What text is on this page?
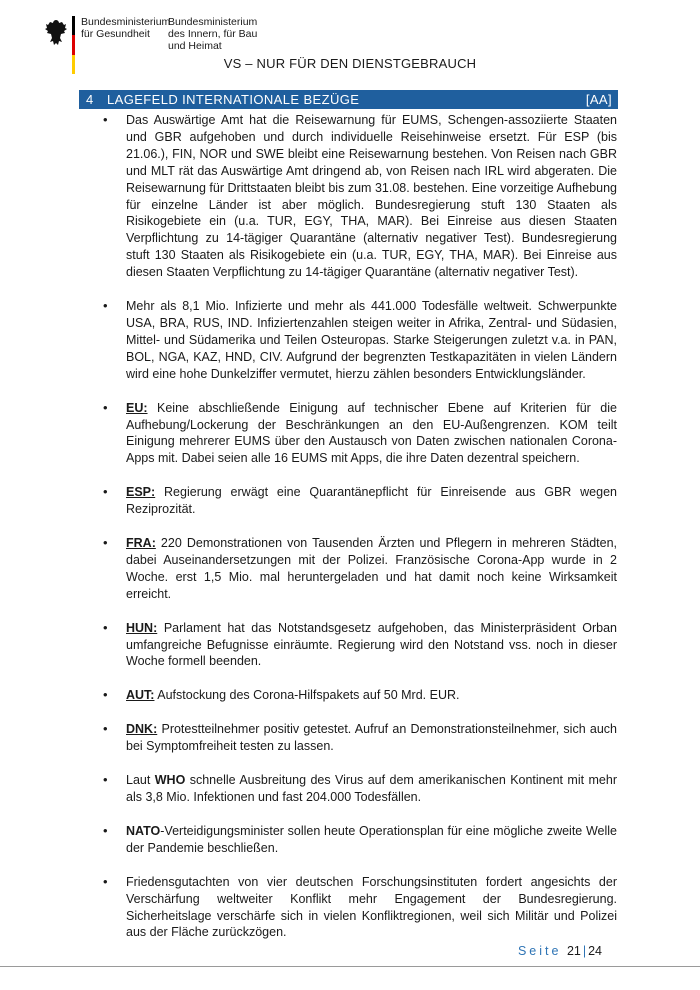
Bundesministerium
für Gesundheit
Bundesministerium
des Innern, für Bau
und Heimat
VS – NUR FÜR DEN DIENSTGEBRAUCH
4 LAGEFELD INTERNATIONALE BEZÜGE	[AA]
• Das Auswärtige Amt hat die Reisewarnung für EUMS, Schengen-assoziierte Staaten und GBR aufgehoben und durch individuelle Reisehinweise ersetzt. Für ESP (bis 21.06.), FIN, NOR und SWE bleibt eine Reisewarnung bestehen. Von Reisen nach GBR und MLT rät das Auswärtige Amt dringend ab, von Reisen nach IRL wird abgeraten. Die Reisewarnung für Drittstaaten bleibt bis zum 31.08. bestehen. Eine vorzeitige Aufhebung für einzelne Länder ist aber möglich. Bundesregierung stuft 130 Staaten als Risikogebiete ein (u.a. TUR, EGY, THA, MAR). Bei Einreise aus diesen Staaten Verpflichtung zu 14-tägiger Quarantäne (alternativ negativer Test). Bundesregierung stuft 130 Staaten als Risikogebiete ein (u.a. TUR, EGY, THA, MAR). Bei Einreise aus diesen Staaten Verpflichtung zu 14-tägiger Quarantäne (alternativ negativer Test).
• Mehr als 8,1 Mio. Infizierte und mehr als 441.000 Todesfälle weltweit. Schwerpunkte USA, BRA, RUS, IND. Infiziertenzahlen steigen weiter in Afrika, Zentral- und Südasien, Mittel- und Südamerika und Teilen Osteuropas. Starke Steigerungen zuletzt v.a. in PAN, BOL, NGA, KAZ, HND, CIV. Aufgrund der begrenzten Testkapazitäten in vielen Ländern wird eine hohe Dunkelziffer vermutet, hierzu zählen besonders Entwicklungsländer.
• EU: Keine abschließende Einigung auf technischer Ebene auf Kriterien für die Aufhebung/Lockerung der Beschränkungen an den EU-Außengrenzen. KOM teilt Einigung mehrerer EUMS über den Austausch von Daten zwischen nationalen Corona-Apps mit. Dabei seien alle 16 EUMS mit Apps, die ihre Daten dezentral speichern.
• ESP: Regierung erwägt eine Quarantänepflicht für Einreisende aus GBR wegen Reziprozität.
• FRA: 220 Demonstrationen von Tausenden Ärzten und Pflegern in mehreren Städten, dabei Auseinandersetzungen mit der Polizei. Französische Corona-App wurde in 2 Woche. erst 1,5 Mio. mal heruntergeladen und hat damit noch keine Wirksamkeit erreicht.
• HUN: Parlament hat das Notstandsgesetz aufgehoben, das Ministerpräsident Orban umfangreiche Befugnisse einräumte. Regierung wird den Notstand vss. noch in dieser Woche formell beenden.
• AUT: Aufstockung des Corona-Hilfspakets auf 50 Mrd. EUR.
• DNK: Protestteilnehmer positiv getestet. Aufruf an Demonstrationsteilnehmer, sich auch bei Symptomfreiheit testen zu lassen.
• Laut WHO schnelle Ausbreitung des Virus auf dem amerikanischen Kontinent mit mehr als 3,8 Mio. Infektionen und fast 204.000 Todesfällen.
• NATO-Verteidigungsminister sollen heute Operationsplan für eine mögliche zweite Welle der Pandemie beschließen.
• Friedensgutachten von vier deutschen Forschungsinstituten fordert angesichts der Verschärfung weltweiter Konflikt mehr Engagement der Bundesregierung. Sicherheitslage verschärfe sich in vielen Konfliktregionen, weil sich Militär und Polizei aus der Fläche zurückzögen.
Seite 21 | 24
